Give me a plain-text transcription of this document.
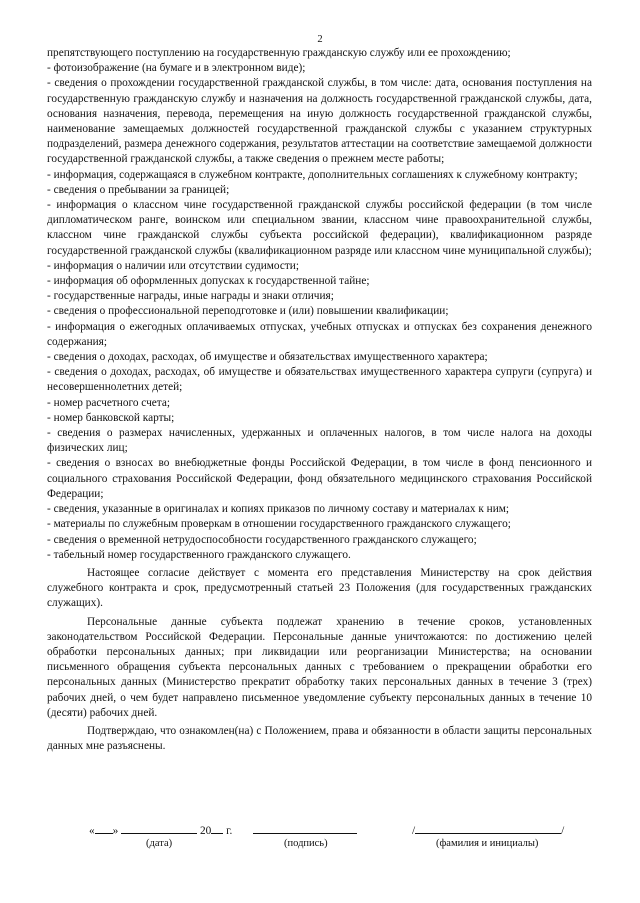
2

препятствующего поступлению на государственную гражданскую службу или ее прохождению;

- фотоизображение (на бумаге и в электронном виде);

- сведения о прохождении государственной гражданской службы, в том числе: дата, основания поступления на государственную гражданскую службу и назначения на должность государственной гражданской службы, дата, основания назначения, перевода, перемещения на иную должность государственной гражданской службы, наименование замещаемых должностей государственной гражданской службы с указанием структурных подразделений, размера денежного содержания, результатов аттестации на соответствие замещаемой должности государственной гражданской службы, а также сведения о прежнем месте работы;

- информация, содержащаяся в служебном контракте, дополнительных соглашениях к служебному контракту;

- сведения о пребывании за границей;

- информация о классном чине государственной гражданской службы российской федерации (в том числе дипломатическом ранге, воинском или специальном звании, классном чине правоохранительной службы, классном чине гражданской службы субъекта российской федерации), квалификационном разряде государственной гражданской службы (квалификационном разряде или классном чине муниципальной службы);

- информация о наличии или отсутствии судимости;

- информация об оформленных допусках к государственной тайне;

- государственные награды, иные награды и знаки отличия;

- сведения о профессиональной переподготовке и (или) повышении квалификации;

- информация о ежегодных оплачиваемых отпусках, учебных отпусках и отпусках без сохранения денежного содержания;

- сведения о доходах, расходах, об имуществе и обязательствах имущественного характера;

- сведения о доходах, расходах, об имуществе и обязательствах имущественного характера супруги (супруга) и несовершеннолетних детей;

- номер расчетного счета;

- номер банковской карты;

- сведения о размерах начисленных, удержанных и оплаченных налогов, в том числе налога на доходы физических лиц;

- сведения о взносах во внебюджетные фонды Российской Федерации, в том числе в фонд пенсионного и социального страхования Российской Федерации, фонд обязательного медицинского страхования Российской Федерации;

- сведения, указанные в оригиналах и копиях приказов по личному составу и материалах к ним;

- материалы по служебным проверкам в отношении государственного гражданского служащего;

- сведения о временной нетрудоспособности государственного гражданского служащего;

- табельный номер государственного гражданского служащего.

Настоящее согласие действует с момента его представления Министерству на срок действия служебного контракта и срок, предусмотренный статьей 23 Положения (для государственных гражданских служащих).

Персональные данные субъекта подлежат хранению в течение сроков, установленных законодательством Российской Федерации. Персональные данные уничтожаются: по достижению целей обработки персональных данных; при ликвидации или реорганизации Министерства; на основании письменного обращения субъекта персональных данных с требованием о прекращении обработки его персональных данных (Министерство прекратит обработку таких персональных данных в течение 3 (трех) рабочих дней, о чем будет направлено письменное уведомление субъекту персональных данных в течение 10 (десяти) рабочих дней.

Подтверждаю, что ознакомлен(на) с Положением, права и обязанности в области защиты персональных данных мне разъяснены.

« »	20 г.	/	/
(дата)	(подпись)	(фамилия и инициалы)
